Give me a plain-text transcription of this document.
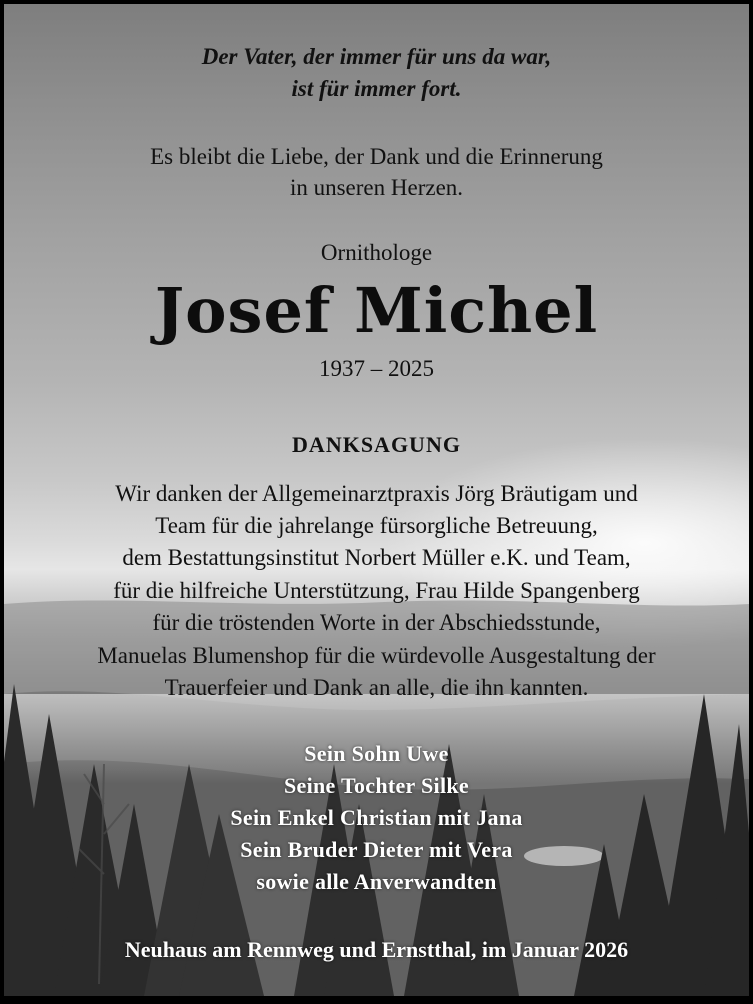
Der Vater, der immer für uns da war,
ist für immer fort.
Es bleibt die Liebe, der Dank und die Erinnerung
in unseren Herzen.
Ornithologe
Josef Michel
1937 – 2025
DANKSAGUNG
Wir danken der Allgemeinarztpraxis Jörg Bräutigam und
Team für die jahrelange fürsorgliche Betreuung,
dem Bestattungsinstitut Norbert Müller e.K. und Team,
für die hilfreiche Unterstützung, Frau Hilde Spangenberg
für die tröstenden Worte in der Abschiedsstunde,
Manuelas Blumenshop für die würdevolle Ausgestaltung der
Trauerfeier und Dank an alle, die ihn kannten.
Sein Sohn Uwe
Seine Tochter Silke
Sein Enkel Christian mit Jana
Sein Bruder Dieter mit Vera
sowie alle Anverwandten
Neuhaus am Rennweg und Ernstthal, im Januar 2026
